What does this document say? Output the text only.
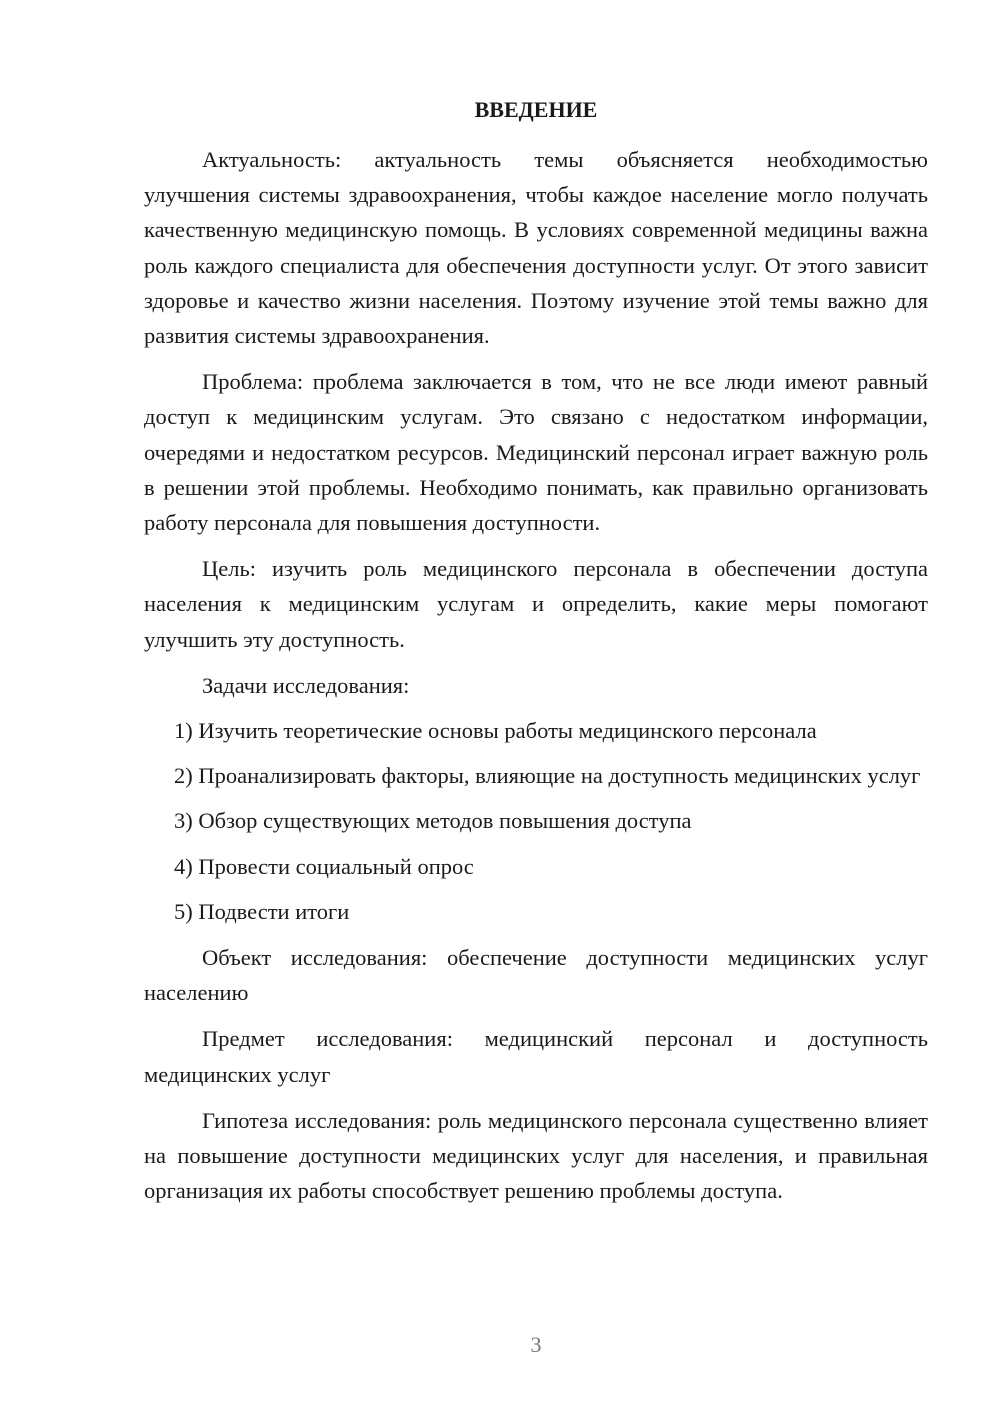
ВВЕДЕНИЕ

Актуальность: актуальность темы объясняется необходимостью улучшения системы здравоохранения, чтобы каждое население могло получать качественную медицинскую помощь. В условиях современной медицины важна роль каждого специалиста для обеспечения доступности услуг. От этого зависит здоровье и качество жизни населения. Поэтому изучение этой темы важно для развития системы здравоохранения.

Проблема: проблема заключается в том, что не все люди имеют равный доступ к медицинским услугам. Это связано с недостатком информации, очередями и недостатком ресурсов. Медицинский персонал играет важную роль в решении этой проблемы. Необходимо понимать, как правильно организовать работу персонала для повышения доступности.

Цель: изучить роль медицинского персонала в обеспечении доступа населения к медицинским услугам и определить, какие меры помогают улучшить эту доступность.

Задачи исследования:

1) Изучить теоретические основы работы медицинского персонала

2) Проанализировать факторы, влияющие на доступность медицинских услуг

3) Обзор существующих методов повышения доступа

4) Провести социальный опрос

5) Подвести итоги

Объект исследования: обеспечение доступности медицинских услуг населению

Предмет исследования: медицинский персонал и доступность медицинских услуг

Гипотеза исследования: роль медицинского персонала существенно влияет на повышение доступности медицинских услуг для населения, и правильная организация их работы способствует решению проблемы доступа.

3
